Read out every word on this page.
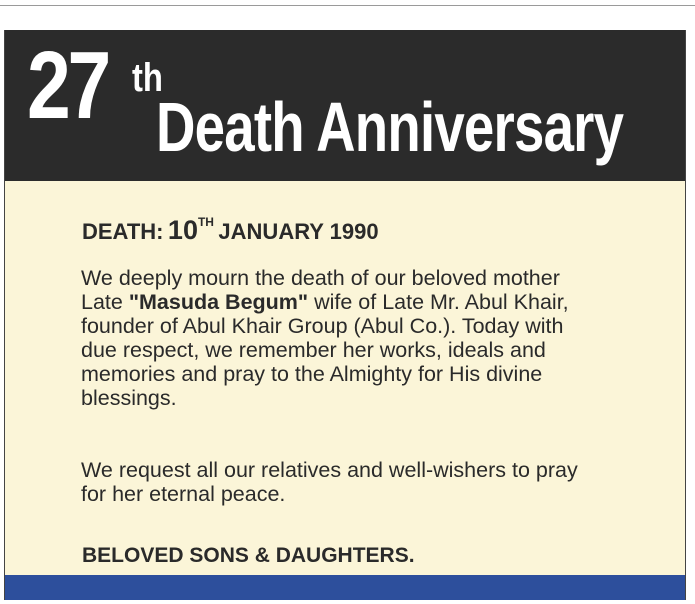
27 th
Death Anniversary
DEATH: 10TH JANUARY 1990
We deeply mourn the death of our beloved mother
Late "Masuda Begum" wife of Late Mr. Abul Khair,
founder of Abul Khair Group (Abul Co.). Today with
due respect, we remember her works, ideals and
memories and pray to the Almighty for His divine
blessings.
We request all our relatives and well-wishers to pray
for her eternal peace.
BELOVED SONS & DAUGHTERS.
